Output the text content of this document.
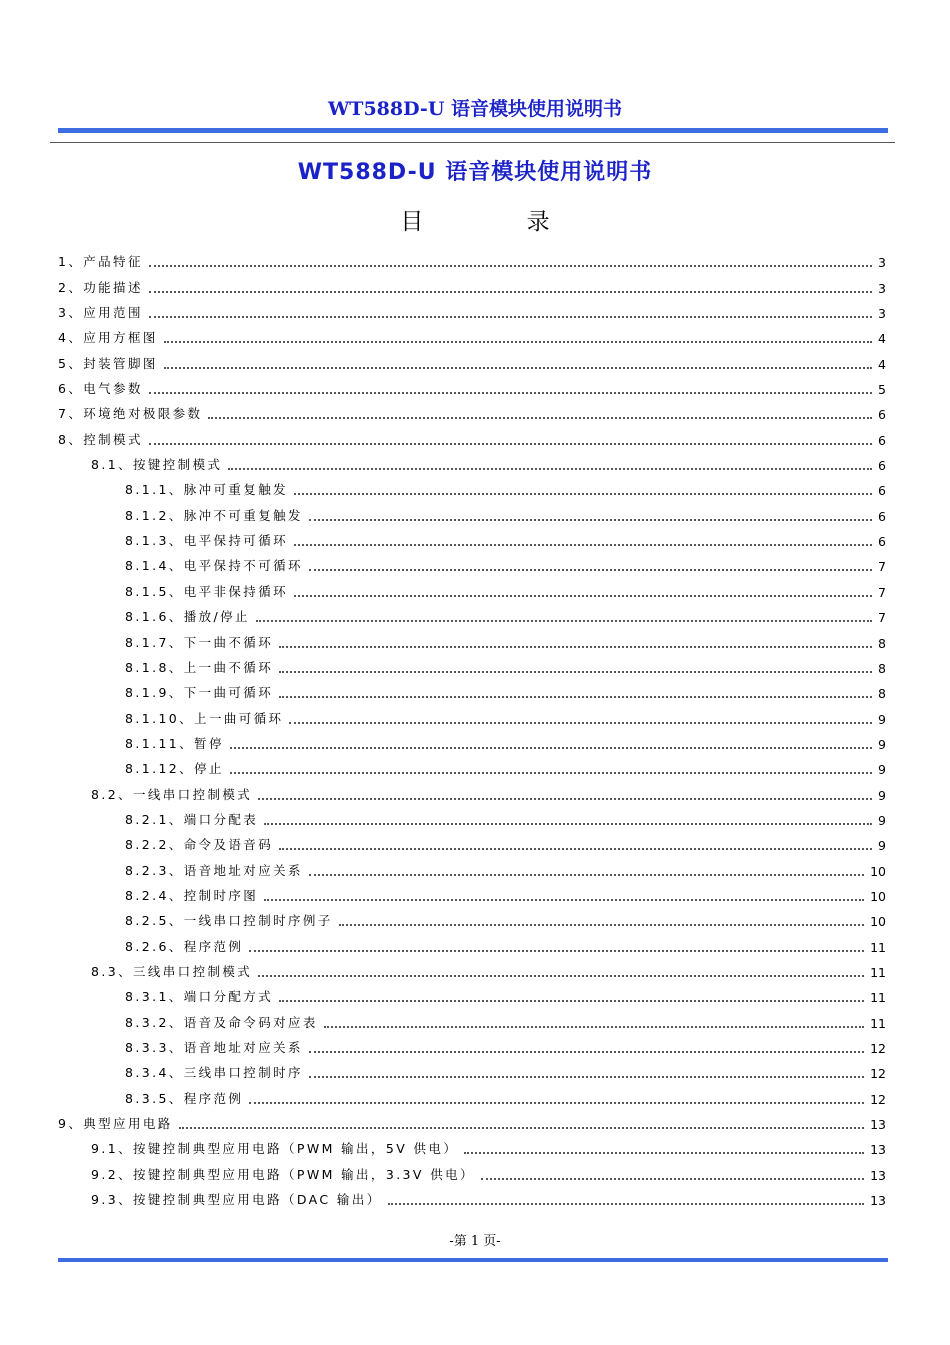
WT588D-U 语音模块使用说明书
WT588D-U 语音模块使用说明书
目 录
1、产品特征	3
2、功能描述	3
3、应用范围	3
4、应用方框图	4
5、封装管脚图	4
6、电气参数	5
7、环境绝对极限参数	6
8、控制模式	6
8.1、按键控制模式	6
8.1.1、脉冲可重复触发	6
8.1.2、脉冲不可重复触发	6
8.1.3、电平保持可循环	6
8.1.4、电平保持不可循环	7
8.1.5、电平非保持循环	7
8.1.6、播放/停止	7
8.1.7、下一曲不循环	8
8.1.8、上一曲不循环	8
8.1.9、下一曲可循环	8
8.1.10、上一曲可循环	9
8.1.11、暂停	9
8.1.12、停止	9
8.2、一线串口控制模式	9
8.2.1、端口分配表	9
8.2.2、命令及语音码	9
8.2.3、语音地址对应关系	10
8.2.4、控制时序图	10
8.2.5、一线串口控制时序例子	10
8.2.6、程序范例	11
8.3、三线串口控制模式	11
8.3.1、端口分配方式	11
8.3.2、语音及命令码对应表	11
8.3.3、语音地址对应关系	12
8.3.4、三线串口控制时序	12
8.3.5、程序范例	12
9、典型应用电路	13
9.1、按键控制典型应用电路（PWM 输出，5V 供电）	13
9.2、按键控制典型应用电路（PWM 输出，3.3V 供电）	13
9.3、按键控制典型应用电路（DAC 输出）	13
-第 1 页-
